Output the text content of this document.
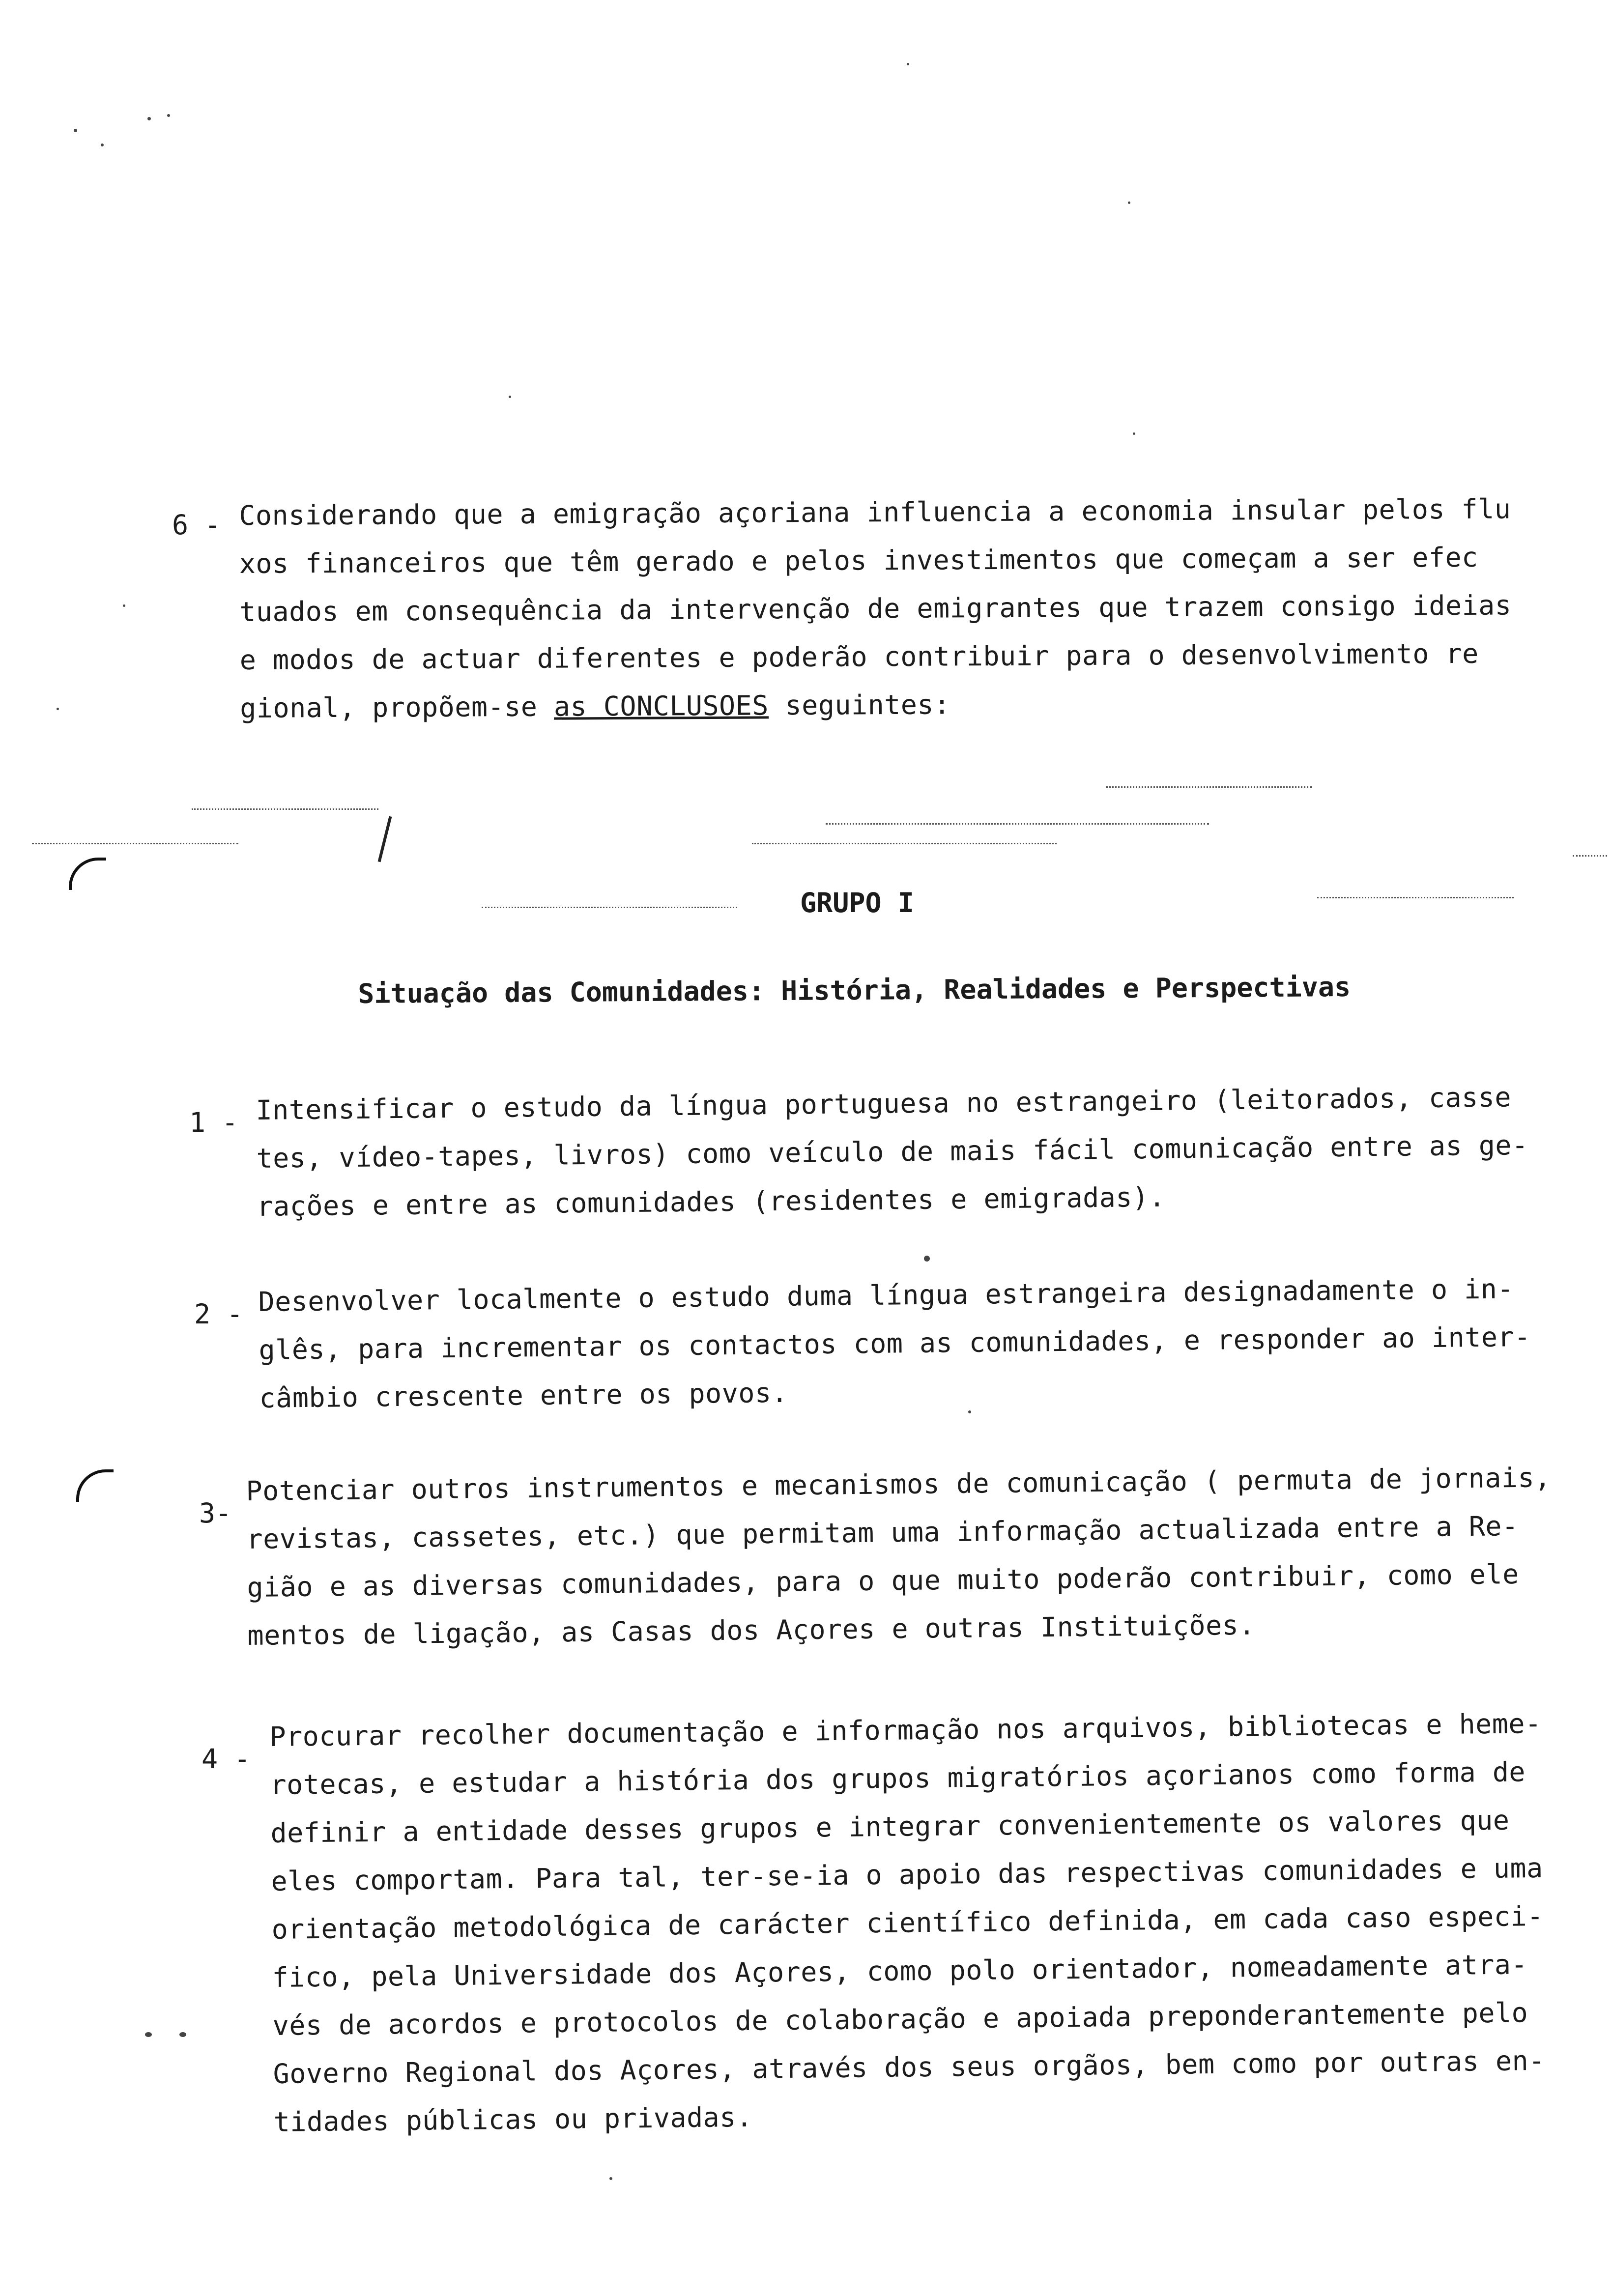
6 - Considerando que a emigração açoriana influencia a economia insular pelos flu
xos financeiros que têm gerado e pelos investimentos que começam a ser efec
tuados em consequência da intervenção de emigrantes que trazem consigo ideias
e modos de actuar diferentes e poderão contribuir para o desenvolvimento re
gional, propõem-se as CONCLUSOES seguintes:
GRUPO I
Situação das Comunidades: História, Realidades e Perspectivas
1 - Intensificar o estudo da língua portuguesa no estrangeiro (leitorados, casse
tes, vídeo-tapes, livros) como veículo de mais fácil comunicação entre as ge-
rações e entre as comunidades (residentes e emigradas).
2 - Desenvolver localmente o estudo duma língua estrangeira designadamente o in-
glês, para incrementar os contactos com as comunidades, e responder ao inter-
câmbio crescente entre os povos.
3-
Potenciar outros instrumentos e mecanismos de comunicação ( permuta de jornais,
revistas, cassetes, etc.) que permitam uma informação actualizada entre a Re-
gião e as diversas comunidades, para o que muito poderão contribuir, como ele
mentos de ligação, as Casas dos Açores e outras Instituições.
4 -
Procurar recolher documentação e informação nos arquivos, bibliotecas e heme-
rotecas, e estudar a história dos grupos migratórios açorianos como forma de
definir a entidade desses grupos e integrar convenientemente os valores que
eles comportam. Para tal, ter-se-ia o apoio das respectivas comunidades e uma
orientação metodológica de carácter científico definida, em cada caso especi-
fico, pela Universidade dos Açores, como polo orientador, nomeadamente atra-
vés de acordos e protocolos de colaboração e apoiada preponderantemente pelo
Governo Regional dos Açores, através dos seus orgãos, bem como por outras en-
tidades públicas ou privadas.
